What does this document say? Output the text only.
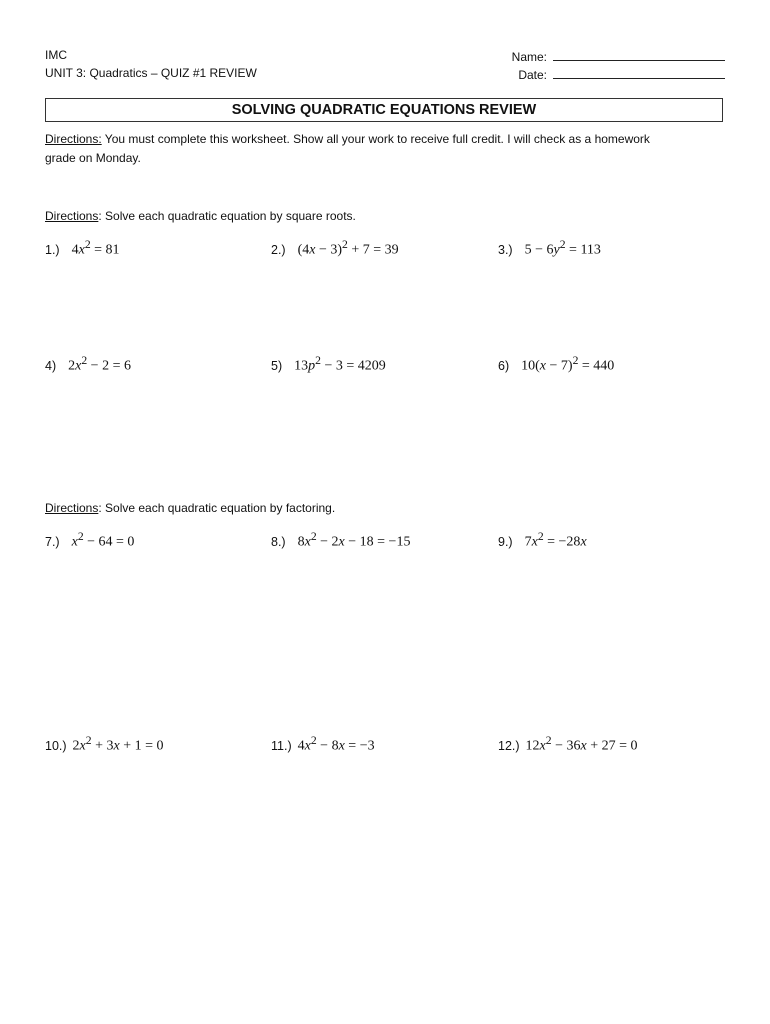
IMC
UNIT 3: Quadratics – QUIZ #1 REVIEW
Name:
Date:
SOLVING QUADRATIC EQUATIONS REVIEW
Directions: You must complete this worksheet. Show all your work to receive full credit. I will check as a homework
grade on Monday.
Directions: Solve each quadratic equation by square roots.
1.) $4x^2 = 81$	2.) $(4x - 3)^2 + 7 = 39$	3.) $5 - 6y^2 = 113$
4) $2x^2 - 2 = 6$	5) $13p^2 - 3 = 4209$	6) $10(x - 7)^2 = 440$
Directions: Solve each quadratic equation by factoring.
7.) $x^2 - 64 = 0$	8.) $8x^2 - 2x - 18 = -15$	9.) $7x^2 = -28x$
10.) $2x^2 + 3x + 1 = 0$	11.) $4x^2 - 8x = -3$	12.) $12x^2 - 36x + 27 = 0$
